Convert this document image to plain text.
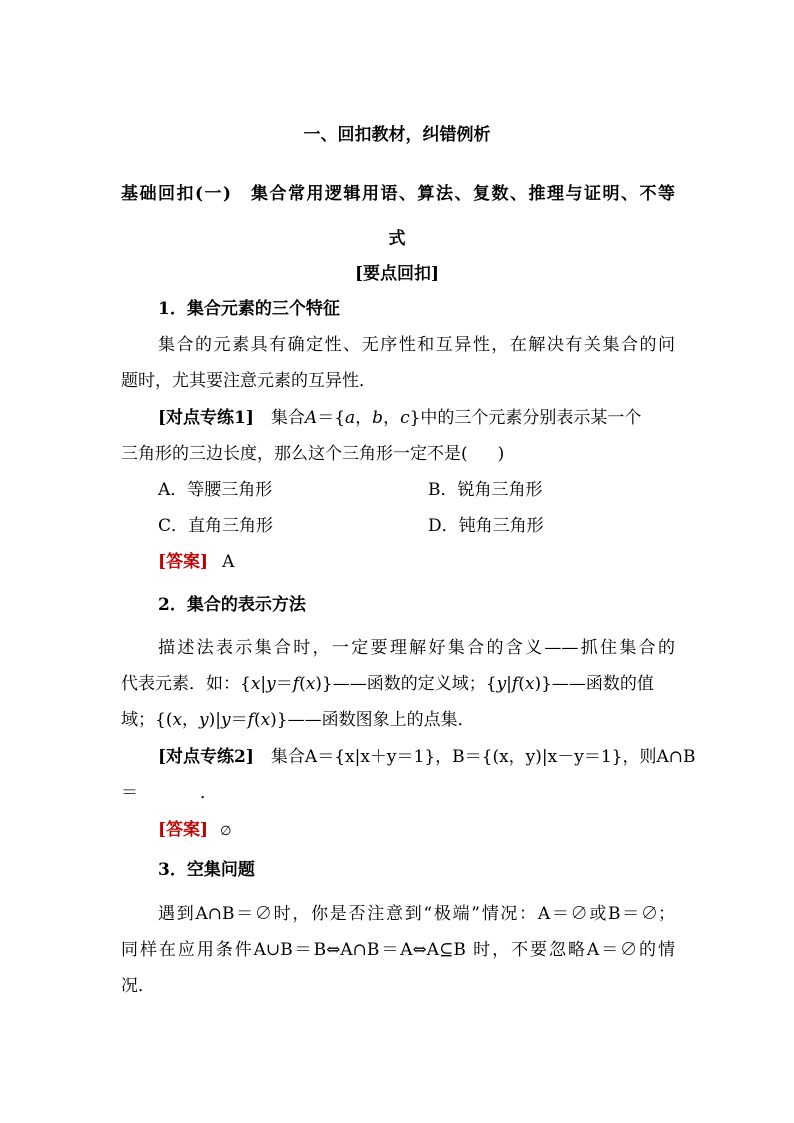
一、回扣教材，纠错例析
基础回扣(一)　集合常用逻辑用语、算法、复数、推理与证明、不等
式
[要点回扣]
1．集合元素的三个特征
集合的元素具有确定性、无序性和互异性，在解决有关集合的问
题时，尤其要注意元素的互异性．
[对点专练1]　集合A＝{a，b，c}中的三个元素分别表示某一个
三角形的三边长度，那么这个三角形一定不是( )
A．等腰三角形	B．锐角三角形
C．直角三角形	D．钝角三角形
[答案] A
2．集合的表示方法
描述法表示集合时，一定要理解好集合的含义——抓住集合的
代表元素．如：{x|y＝f(x)}——函数的定义域；{y|f(x)}——函数的值
域；{(x，y)|y＝f(x)}——函数图象上的点集．
[对点专练2]　集合A＝{x|x＋y＝1}，B＝{(x，y)|x－y＝1}，则A∩B
＝	．
[答案] ∅
3．空集问题
遇到A∩B＝∅时，你是否注意到“极端”情况：A＝∅或B＝∅；
同样在应用条件A∪B＝B⇔A∩B＝A⇔A⊆B 时，不要忽略A＝∅的情
况．
